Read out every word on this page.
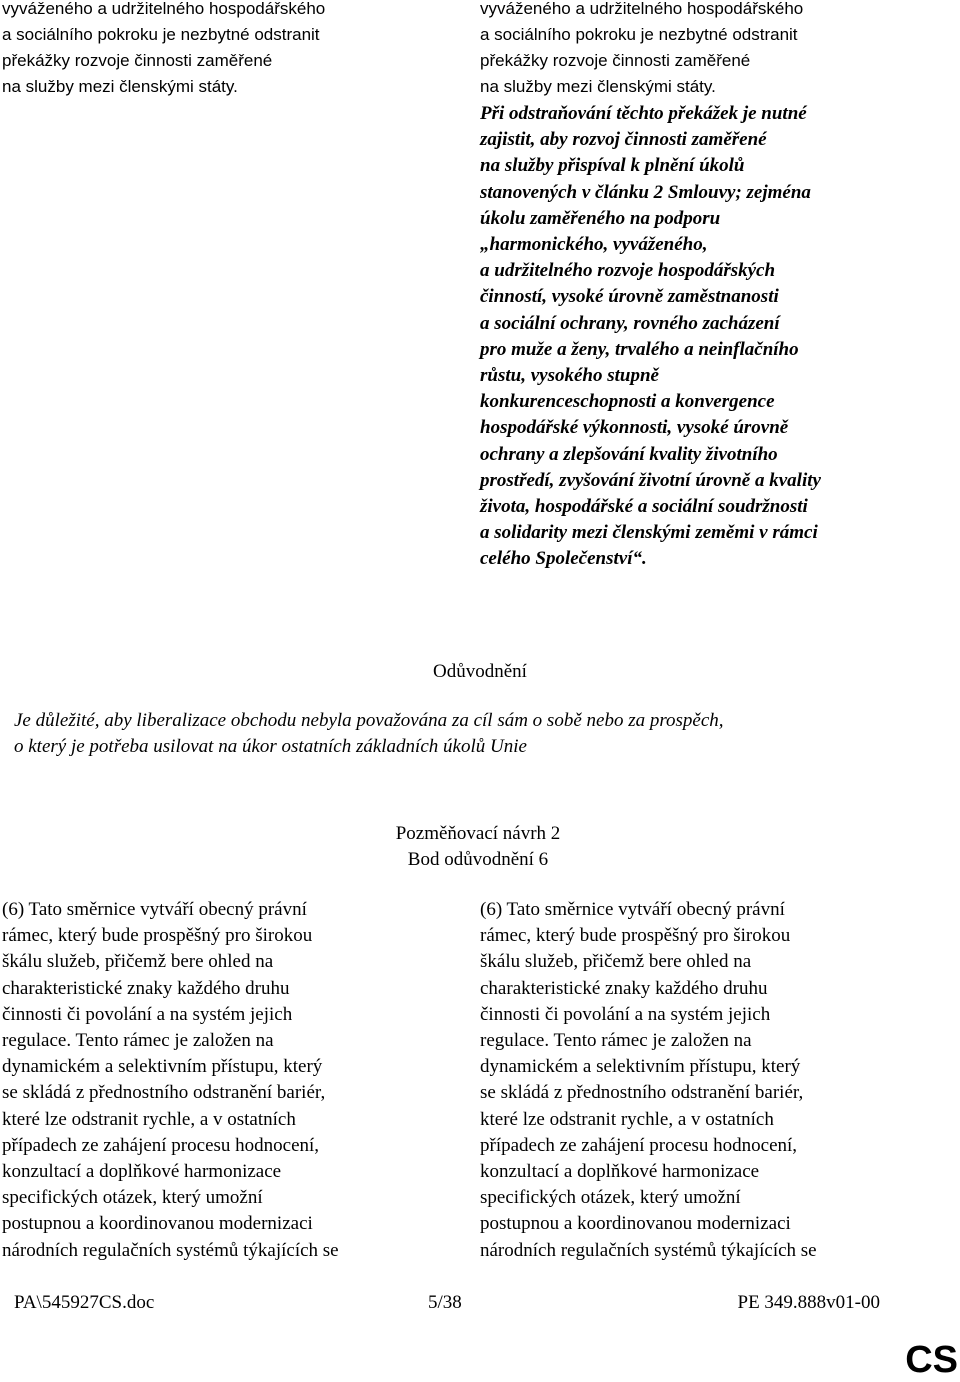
vyváženého a udržitelného hospodářského
a sociálního pokroku je nezbytné odstranit
překážky rozvoje činnosti zaměřené
na služby mezi členskými státy.
vyváženého a udržitelného hospodářského
a sociálního pokroku je nezbytné odstranit
překážky rozvoje činnosti zaměřené
na služby mezi členskými státy.
Při odstraňování těchto překážek je nutné
zajistit, aby rozvoj činnosti zaměřené
na služby přispíval k plnění úkolů
stanovených v článku 2 Smlouvy; zejména
úkolu zaměřeného na podporu
„harmonického, vyváženého,
a udržitelného rozvoje hospodářských
činností, vysoké úrovně zaměstnanosti
a sociální ochrany, rovného zacházení
pro muže a ženy, trvalého a neinflačního
růstu, vysokého stupně
konkurenceschopnosti a konvergence
hospodářské výkonnosti, vysoké úrovně
ochrany a zlepšování kvality životního
prostředí, zvyšování životní úrovně a kvality
života, hospodářské a sociální soudržnosti
a solidarity mezi členskými zeměmi v rámci
celého Společenství“.
Odůvodnění
Je důležité, aby liberalizace obchodu nebyla považována za cíl sám o sobě nebo za prospěch,
o který je potřeba usilovat na úkor ostatních základních úkolů Unie
Pozměňovací návrh 2
Bod odůvodnění 6
(6) Tato směrnice vytváří obecný právní
rámec, který bude prospěšný pro širokou
škálu služeb, přičemž bere ohled na
charakteristické znaky každého druhu
činnosti či povolání a na systém jejich
regulace. Tento rámec je založen na
dynamickém a selektivním přístupu, který
se skládá z přednostního odstranění bariér,
které lze odstranit rychle, a v ostatních
případech ze zahájení procesu hodnocení,
konzultací a doplňkové harmonizace
specifických otázek, který umožní
postupnou a koordinovanou modernizaci
národních regulačních systémů týkajících se
(6) Tato směrnice vytváří obecný právní
rámec, který bude prospěšný pro širokou
škálu služeb, přičemž bere ohled na
charakteristické znaky každého druhu
činnosti či povolání a na systém jejich
regulace. Tento rámec je založen na
dynamickém a selektivním přístupu, který
se skládá z přednostního odstranění bariér,
které lze odstranit rychle, a v ostatních
případech ze zahájení procesu hodnocení,
konzultací a doplňkové harmonizace
specifických otázek, který umožní
postupnou a koordinovanou modernizaci
národních regulačních systémů týkajících se
PA\545927CS.doc	5/38	PE 349.888v01-00
CS
